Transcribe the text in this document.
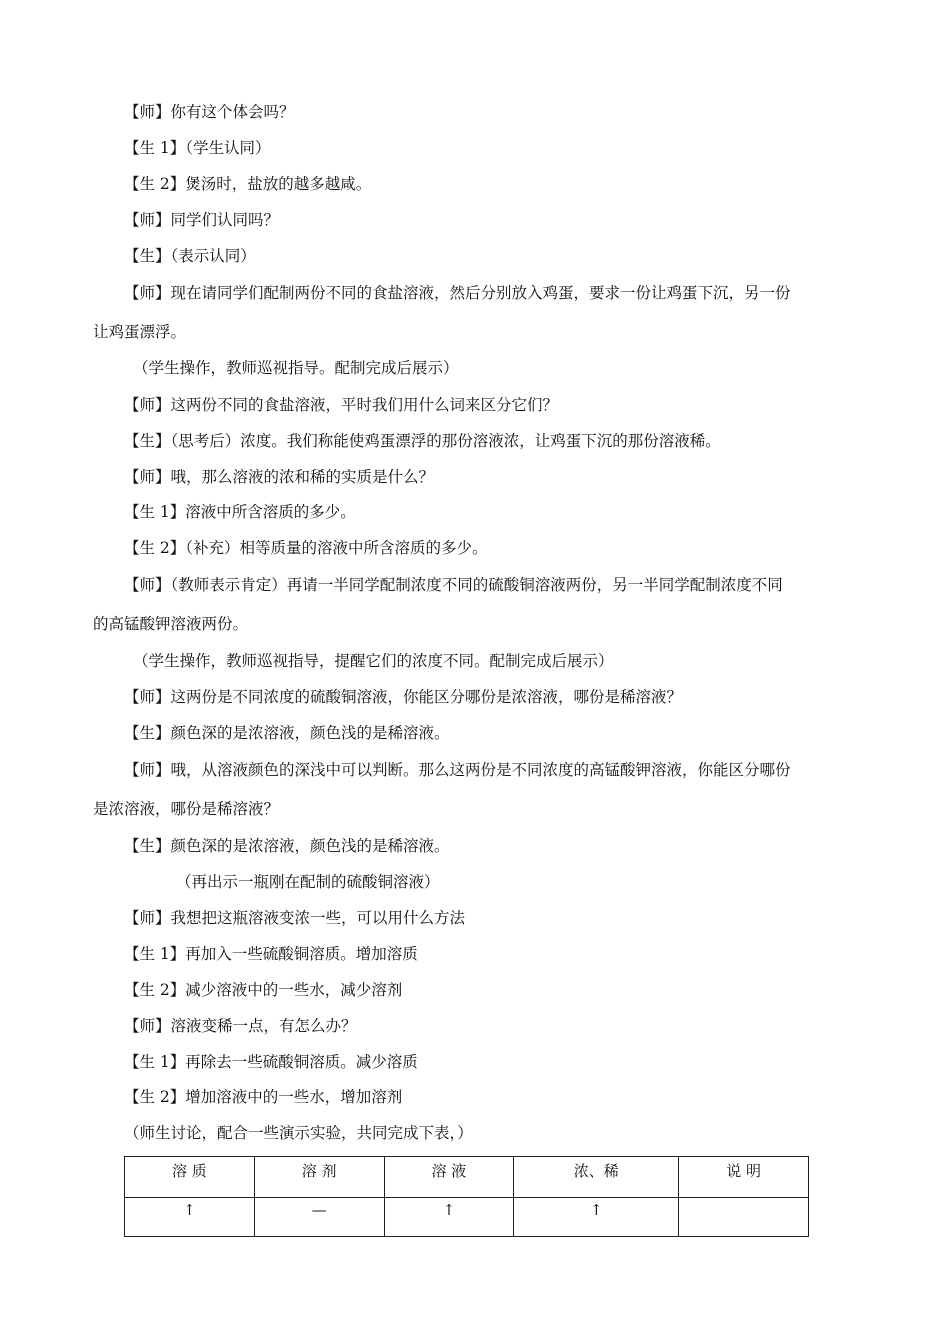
【师】你有这个体会吗？
【生 1】（学生认同）
【生 2】煲汤时，盐放的越多越咸。
【师】同学们认同吗？
【生】（表示认同）
【师】现在请同学们配制两份不同的食盐溶液，然后分别放入鸡蛋，要求一份让鸡蛋下沉，另一份
让鸡蛋漂浮。
（学生操作，教师巡视指导。配制完成后展示）
【师】这两份不同的食盐溶液，平时我们用什么词来区分它们？
【生】（思考后）浓度。我们称能使鸡蛋漂浮的那份溶液浓，让鸡蛋下沉的那份溶液稀。
【师】哦，那么溶液的浓和稀的实质是什么？
【生 1】溶液中所含溶质的多少。
【生 2】（补充）相等质量的溶液中所含溶质的多少。
【师】（教师表示肯定）再请一半同学配制浓度不同的硫酸铜溶液两份，另一半同学配制浓度不同
的高锰酸钾溶液两份。
（学生操作，教师巡视指导，提醒它们的浓度不同。配制完成后展示）
【师】这两份是不同浓度的硫酸铜溶液，你能区分哪份是浓溶液，哪份是稀溶液？
【生】颜色深的是浓溶液，颜色浅的是稀溶液。
【师】哦，从溶液颜色的深浅中可以判断。那么这两份是不同浓度的高锰酸钾溶液，你能区分哪份
是浓溶液，哪份是稀溶液？
【生】颜色深的是浓溶液，颜色浅的是稀溶液。
（再出示一瓶刚在配制的硫酸铜溶液）
【师】我想把这瓶溶液变浓一些，可以用什么方法
【生 1】再加入一些硫酸铜溶质。增加溶质
【生 2】减少溶液中的一些水，减少溶剂
【师】溶液变稀一点，有怎么办？
【生 1】再除去一些硫酸铜溶质。减少溶质
【生 2】增加溶液中的一些水，增加溶剂
（师生讨论，配合一些演示实验，共同完成下表，）
溶 质	溶 剂	溶 液	浓、稀	说 明
↑	—	↑	↑	
